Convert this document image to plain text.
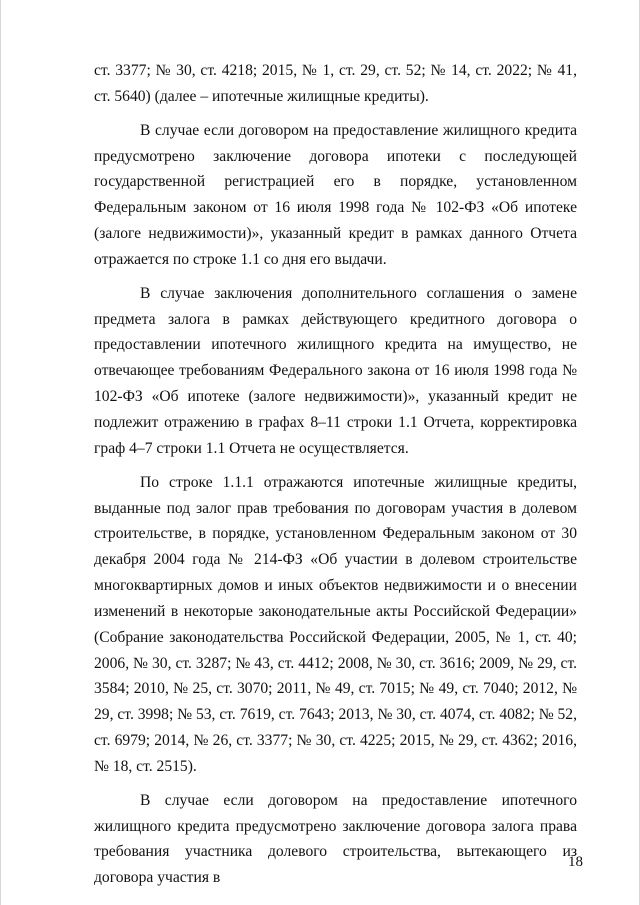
ст. 3377; № 30, ст. 4218; 2015, № 1, ст. 29, ст. 52; № 14, ст. 2022; № 41, ст. 5640) (далее – ипотечные жилищные кредиты).

В случае если договором на предоставление жилищного кредита предусмотрено заключение договора ипотеки с последующей государственной регистрацией его в порядке, установленном Федеральным законом от 16 июля 1998 года № 102-ФЗ «Об ипотеке (залоге недвижимости)», указанный кредит в рамках данного Отчета отражается по строке 1.1 со дня его выдачи.

В случае заключения дополнительного соглашения о замене предмета залога в рамках действующего кредитного договора о предоставлении ипотечного жилищного кредита на имущество, не отвечающее требованиям Федерального закона от 16 июля 1998 года № 102-ФЗ «Об ипотеке (залоге недвижимости)», указанный кредит не подлежит отражению в графах 8–11 строки 1.1 Отчета, корректировка граф 4–7 строки 1.1 Отчета не осуществляется.

По строке 1.1.1 отражаются ипотечные жилищные кредиты, выданные под залог прав требования по договорам участия в долевом строительстве, в порядке, установленном Федеральным законом от 30 декабря 2004 года № 214-ФЗ «Об участии в долевом строительстве многоквартирных домов и иных объектов недвижимости и о внесении изменений в некоторые законодательные акты Российской Федерации» (Собрание законодательства Российской Федерации, 2005, № 1, ст. 40; 2006, № 30, ст. 3287; № 43, ст. 4412; 2008, № 30, ст. 3616; 2009, № 29, ст. 3584; 2010, № 25, ст. 3070; 2011, № 49, ст. 7015; № 49, ст. 7040; 2012, № 29, ст. 3998; № 53, ст. 7619, ст. 7643; 2013, № 30, ст. 4074, ст. 4082; № 52, ст. 6979; 2014, № 26, ст. 3377; № 30, ст. 4225; 2015, № 29, ст. 4362; 2016, № 18, ст. 2515).

В случае если договором на предоставление ипотечного жилищного кредита предусмотрено заключение договора залога права требования участника долевого строительства, вытекающего из договора участия в

18
